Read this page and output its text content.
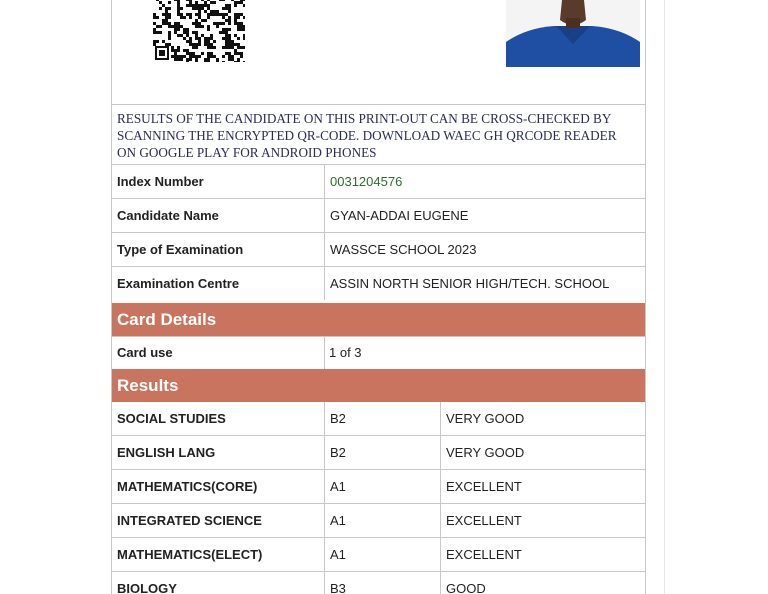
RESULTS OF THE CANDIDATE ON THIS PRINT-OUT CAN BE CROSS-CHECKED BY SCANNING THE ENCRYPTED QR-CODE. DOWNLOAD WAEC GH QRCODE READER ON GOOGLE PLAY FOR ANDROID PHONES
Index Number	0031204576
Candidate Name	GYAN-ADDAI EUGENE
Type of Examination	WASSCE SCHOOL 2023
Examination Centre	ASSIN NORTH SENIOR HIGH/TECH. SCHOOL
Card Details
Card use	1 of 3
Results
SOCIAL STUDIES	B2	VERY GOOD
ENGLISH LANG	B2	VERY GOOD
MATHEMATICS(CORE)	A1	EXCELLENT
INTEGRATED SCIENCE	A1	EXCELLENT
MATHEMATICS(ELECT)	A1	EXCELLENT
BIOLOGY	B3	GOOD
